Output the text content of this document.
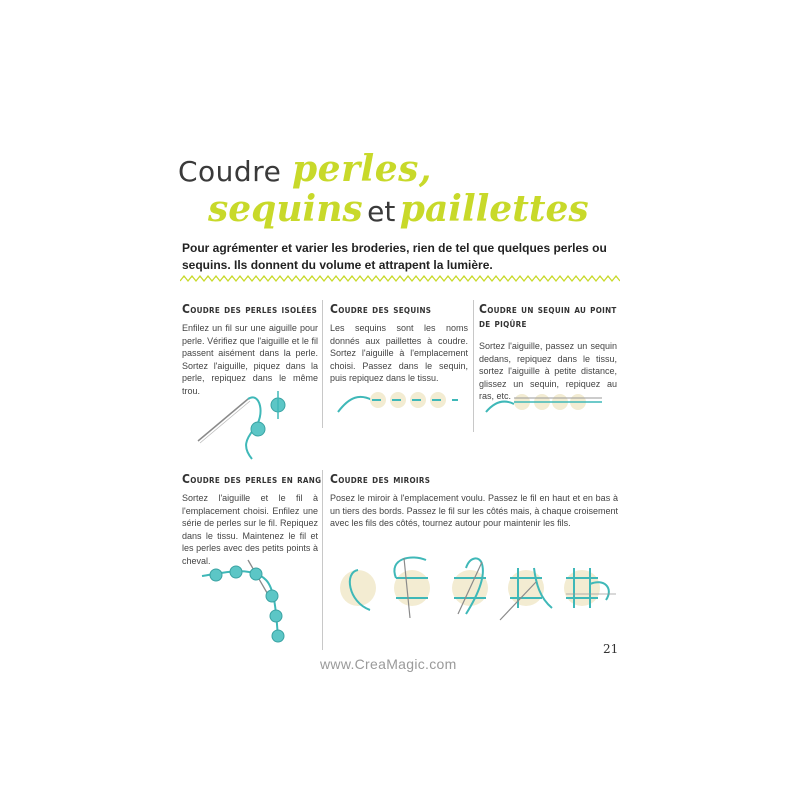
Coudre perles,
sequins et paillettes
Pour agrémenter et varier les broderies, rien de tel que quelques perles ou sequins. Ils donnent du volume et attrapent la lumière.
Coudre des perles isolées
Enfilez un fil sur une aiguille pour perle. Vérifiez que l'aiguille et le fil passent aisément dans la perle. Sortez l'aiguille, piquez dans la perle, repiquez dans le même trou.
Coudre des sequins
Les sequins sont les noms donnés aux paillettes à coudre. Sortez l'aiguille à l'emplacement choisi. Passez dans le sequin, puis repiquez dans le tissu.
Coudre un sequin au point de piqûre
Sortez l'aiguille, passez un sequin dedans, repiquez dans le tissu, sortez l'aiguille à petite distance, glissez un sequin, repiquez au ras, etc.
Coudre des perles en rang
Sortez l'aiguille et le fil à l'emplacement choisi. Enfilez une série de perles sur le fil. Repiquez dans le tissu. Maintenez le fil et les perles avec des petits points à cheval.
Coudre des miroirs
Posez le miroir à l'emplacement voulu. Passez le fil en haut et en bas à un tiers des bords. Passez le fil sur les côtés mais, à chaque croisement avec les fils des côtés, tournez autour pour maintenir les fils.
21
www.CreaMagic.com
